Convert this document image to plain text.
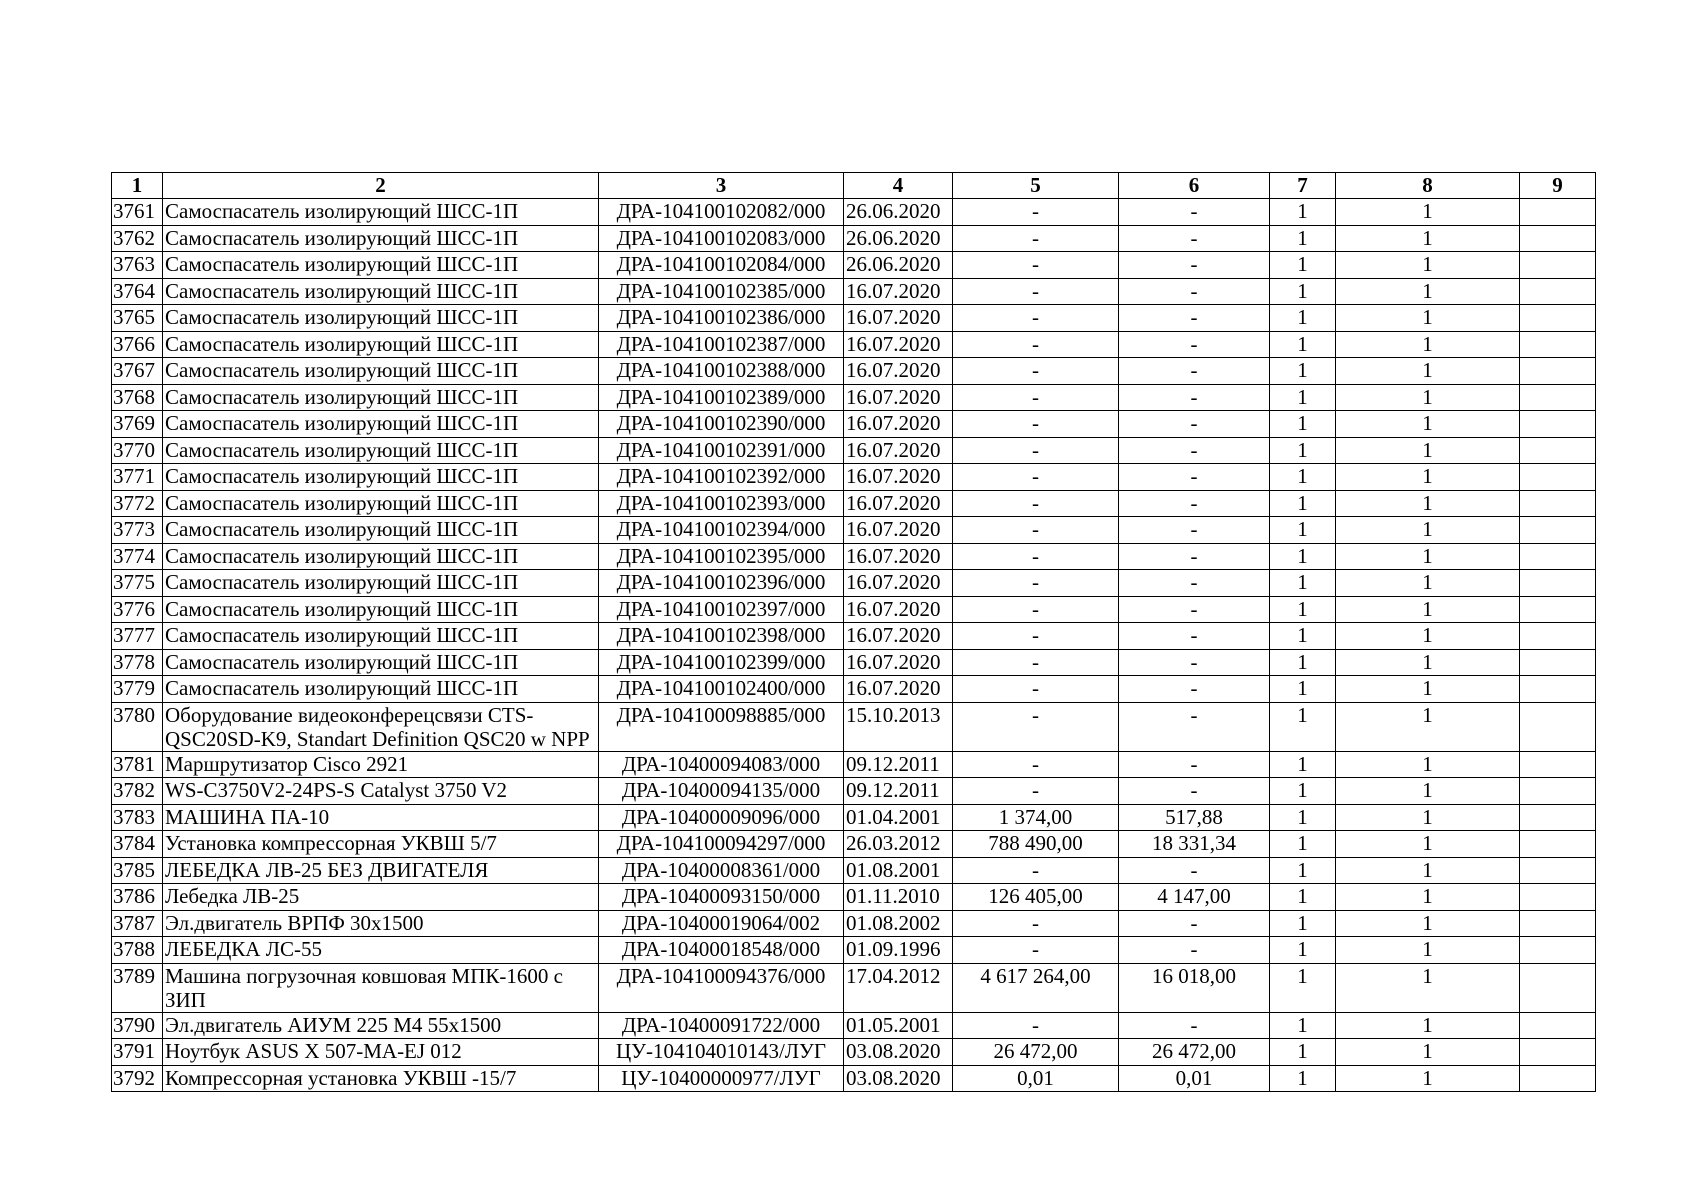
1	2	3	4	5	6	7	8	9
3761	Самоспасатель изолирующий ШСС-1П	ДРА-104100102082/000	26.06.2020	-	-	1	1	
3762	Самоспасатель изолирующий ШСС-1П	ДРА-104100102083/000	26.06.2020	-	-	1	1	
3763	Самоспасатель изолирующий ШСС-1П	ДРА-104100102084/000	26.06.2020	-	-	1	1	
3764	Самоспасатель изолирующий ШСС-1П	ДРА-104100102385/000	16.07.2020	-	-	1	1	
3765	Самоспасатель изолирующий ШСС-1П	ДРА-104100102386/000	16.07.2020	-	-	1	1	
3766	Самоспасатель изолирующий ШСС-1П	ДРА-104100102387/000	16.07.2020	-	-	1	1	
3767	Самоспасатель изолирующий ШСС-1П	ДРА-104100102388/000	16.07.2020	-	-	1	1	
3768	Самоспасатель изолирующий ШСС-1П	ДРА-104100102389/000	16.07.2020	-	-	1	1	
3769	Самоспасатель изолирующий ШСС-1П	ДРА-104100102390/000	16.07.2020	-	-	1	1	
3770	Самоспасатель изолирующий ШСС-1П	ДРА-104100102391/000	16.07.2020	-	-	1	1	
3771	Самоспасатель изолирующий ШСС-1П	ДРА-104100102392/000	16.07.2020	-	-	1	1	
3772	Самоспасатель изолирующий ШСС-1П	ДРА-104100102393/000	16.07.2020	-	-	1	1	
3773	Самоспасатель изолирующий ШСС-1П	ДРА-104100102394/000	16.07.2020	-	-	1	1	
3774	Самоспасатель изолирующий ШСС-1П	ДРА-104100102395/000	16.07.2020	-	-	1	1	
3775	Самоспасатель изолирующий ШСС-1П	ДРА-104100102396/000	16.07.2020	-	-	1	1	
3776	Самоспасатель изолирующий ШСС-1П	ДРА-104100102397/000	16.07.2020	-	-	1	1	
3777	Самоспасатель изолирующий ШСС-1П	ДРА-104100102398/000	16.07.2020	-	-	1	1	
3778	Самоспасатель изолирующий ШСС-1П	ДРА-104100102399/000	16.07.2020	-	-	1	1	
3779	Самоспасатель изолирующий ШСС-1П	ДРА-104100102400/000	16.07.2020	-	-	1	1	
3780	Оборудование видеоконферецсвязи CTS-QSC20SD-K9, Standart Definition QSC20 w NPP	ДРА-104100098885/000	15.10.2013	-	-	1	1	
3781	Маршрутизатор Cisco 2921	ДРА-10400094083/000	09.12.2011	-	-	1	1	
3782	WS-C3750V2-24PS-S Catalyst 3750 V2	ДРА-10400094135/000	09.12.2011	-	-	1	1	
3783	МАШИНА ПА-10	ДРА-10400009096/000	01.04.2001	1 374,00	517,88	1	1	
3784	Установка компрессорная УКВШ 5/7	ДРА-104100094297/000	26.03.2012	788 490,00	18 331,34	1	1	
3785	ЛЕБЕДКА ЛВ-25 БЕЗ ДВИГАТЕЛЯ	ДРА-10400008361/000	01.08.2001	-	-	1	1	
3786	Лебедка ЛВ-25	ДРА-10400093150/000	01.11.2010	126 405,00	4 147,00	1	1	
3787	Эл.двигатель ВРПФ 30х1500	ДРА-10400019064/002	01.08.2002	-	-	1	1	
3788	ЛЕБЕДКА ЛС-55	ДРА-10400018548/000	01.09.1996	-	-	1	1	
3789	Машина погрузочная ковшовая МПК-1600 с ЗИП	ДРА-104100094376/000	17.04.2012	4 617 264,00	16 018,00	1	1	
3790	Эл.двигатель АИУМ 225 М4 55х1500	ДРА-10400091722/000	01.05.2001	-	-	1	1	
3791	Ноутбук ASUS X 507-MA-EJ 012	ЦУ-104104010143/ЛУГ	03.08.2020	26 472,00	26 472,00	1	1	
3792	Компрессорная установка УКВШ -15/7	ЦУ-10400000977/ЛУГ	03.08.2020	0,01	0,01	1	1	
